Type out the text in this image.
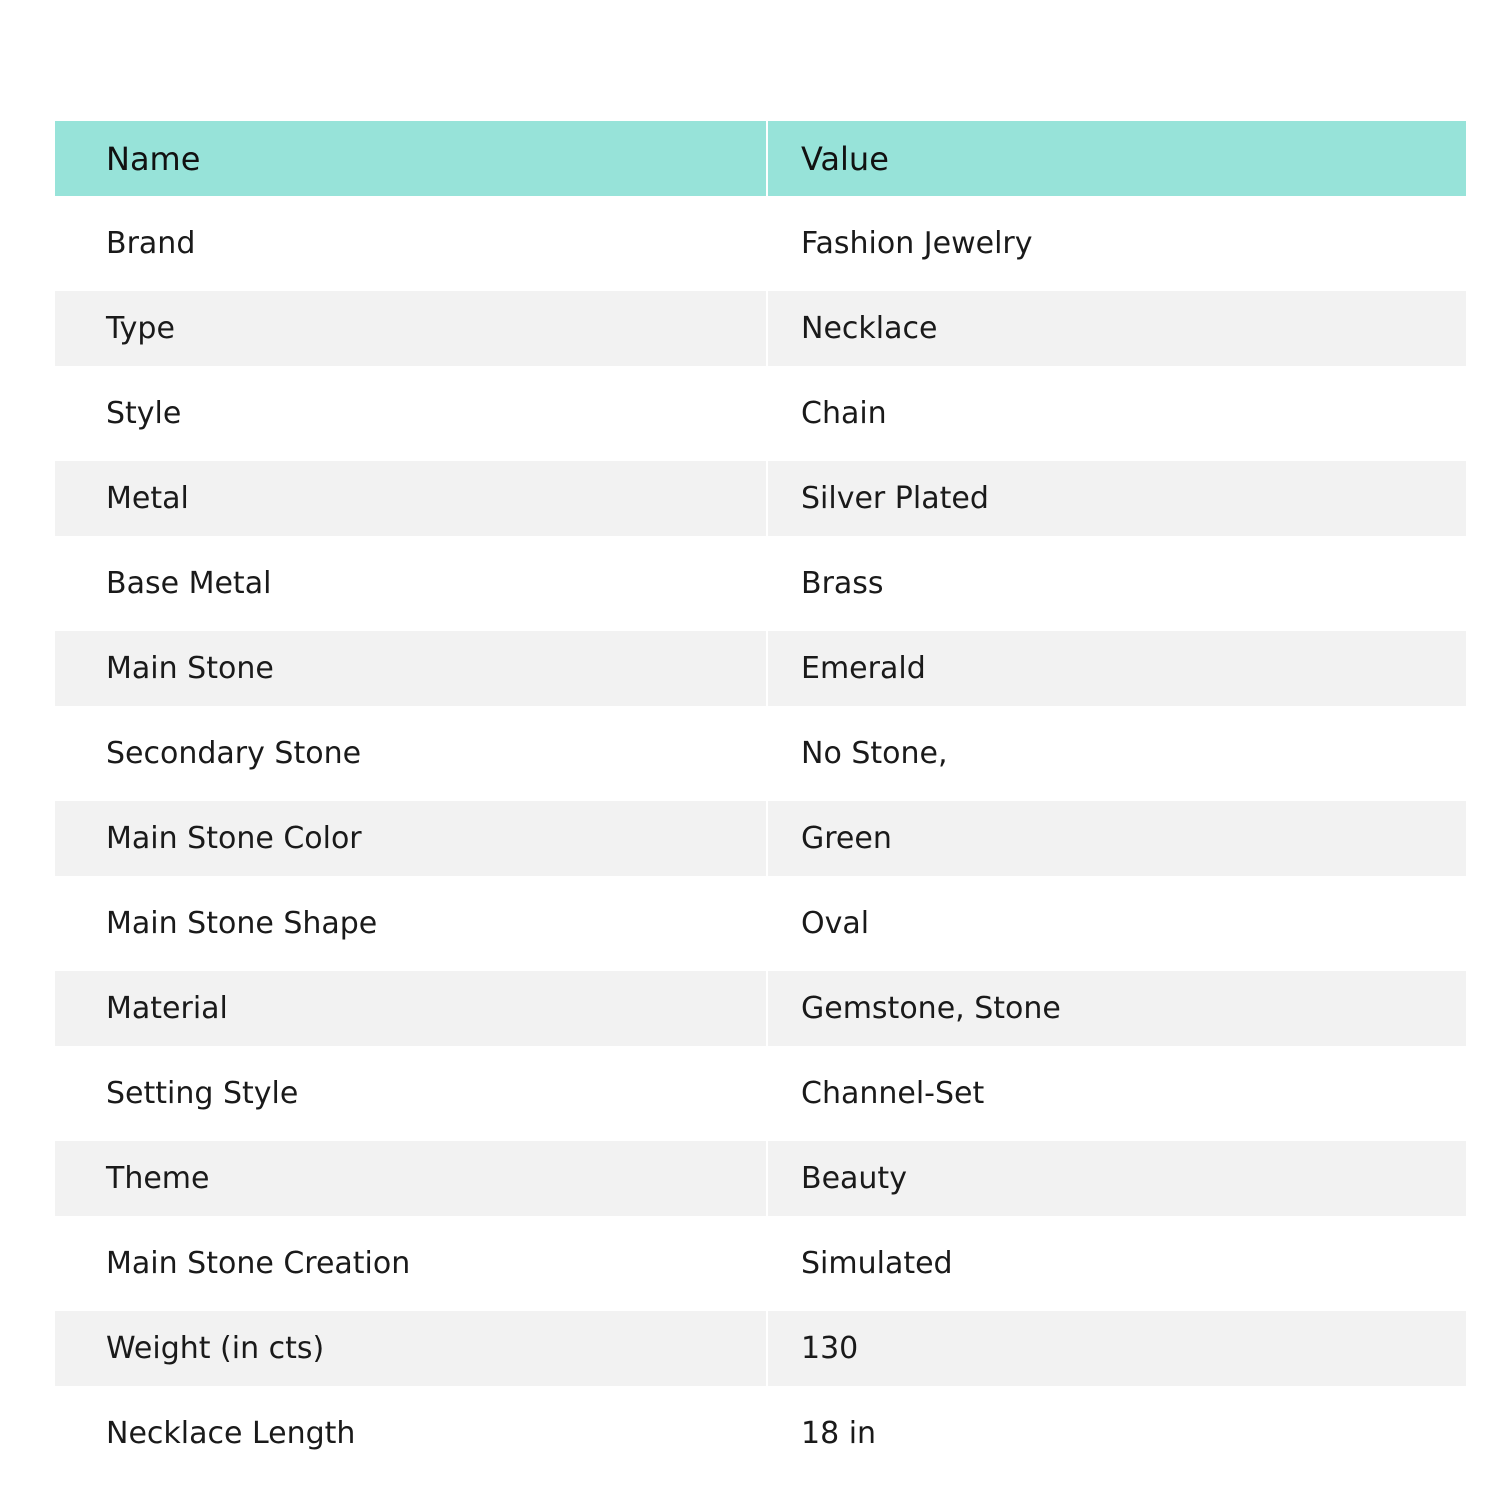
Name	Value
Brand	Fashion Jewelry
Type	Necklace
Style	Chain
Metal	Silver Plated
Base Metal	Brass
Main Stone	Emerald
Secondary Stone	No Stone,
Main Stone Color	Green
Main Stone Shape	Oval
Material	Gemstone, Stone
Setting Style	Channel-Set
Theme	Beauty
Main Stone Creation	Simulated
Weight (in cts)	130
Necklace Length	18 in
